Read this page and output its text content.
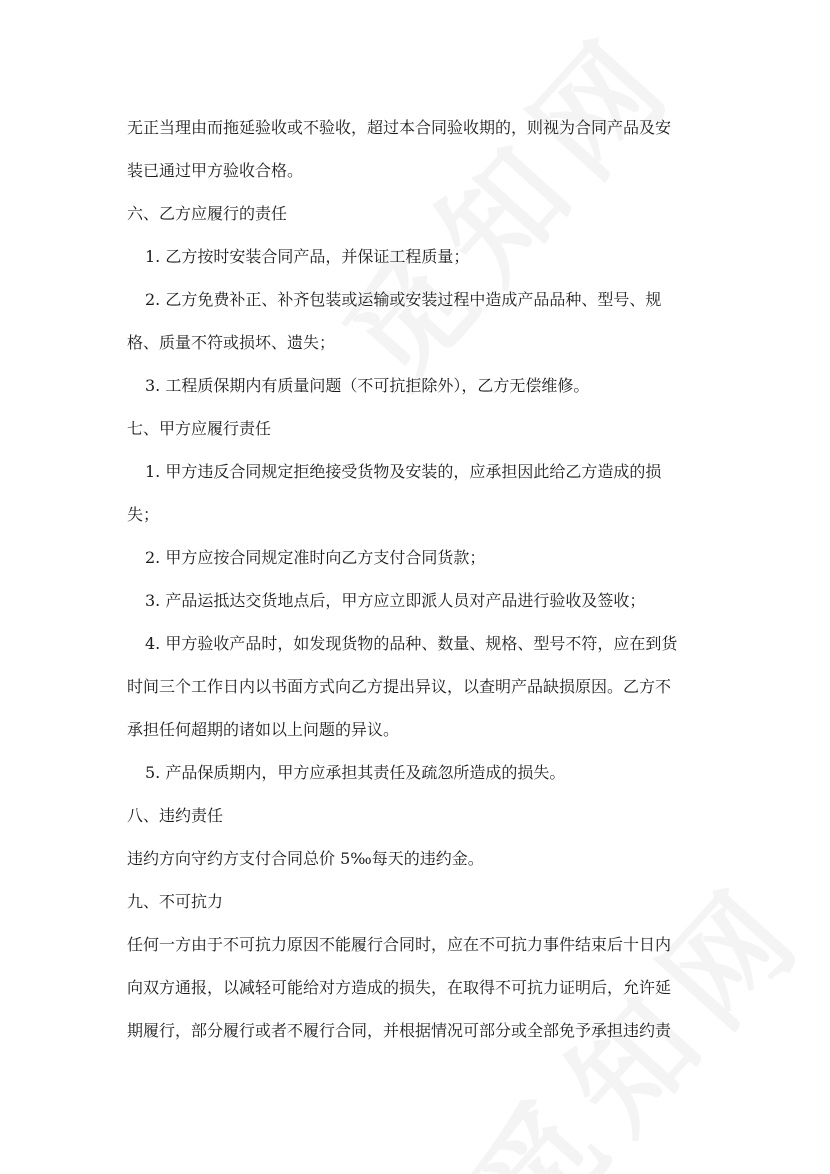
无正当理由而拖延验收或不验收，超过本合同验收期的，则视为合同产品及安
装已通过甲方验收合格。
六、乙方应履行的责任
1. 乙方按时安装合同产品，并保证工程质量；
2. 乙方免费补正、补齐包装或运输或安装过程中造成产品品种、型号、规
格、质量不符或损坏、遗失；
3. 工程质保期内有质量问题（不可抗拒除外），乙方无偿维修。
七、甲方应履行责任
1. 甲方违反合同规定拒绝接受货物及安装的，应承担因此给乙方造成的损
失；
2. 甲方应按合同规定准时向乙方支付合同货款；
3. 产品运抵达交货地点后，甲方应立即派人员对产品进行验收及签收；
4. 甲方验收产品时，如发现货物的品种、数量、规格、型号不符，应在到货
时间三个工作日内以书面方式向乙方提出异议，以查明产品缺损原因。乙方不
承担任何超期的诸如以上问题的异议。
5. 产品保质期内，甲方应承担其责任及疏忽所造成的损失。
八、违约责任
违约方向守约方支付合同总价 5‰每天的违约金。
九、不可抗力
任何一方由于不可抗力原因不能履行合同时，应在不可抗力事件结束后十日内
向双方通报，以减轻可能给对方造成的损失，在取得不可抗力证明后，允许延
期履行，部分履行或者不履行合同，并根据情况可部分或全部免予承担违约责
